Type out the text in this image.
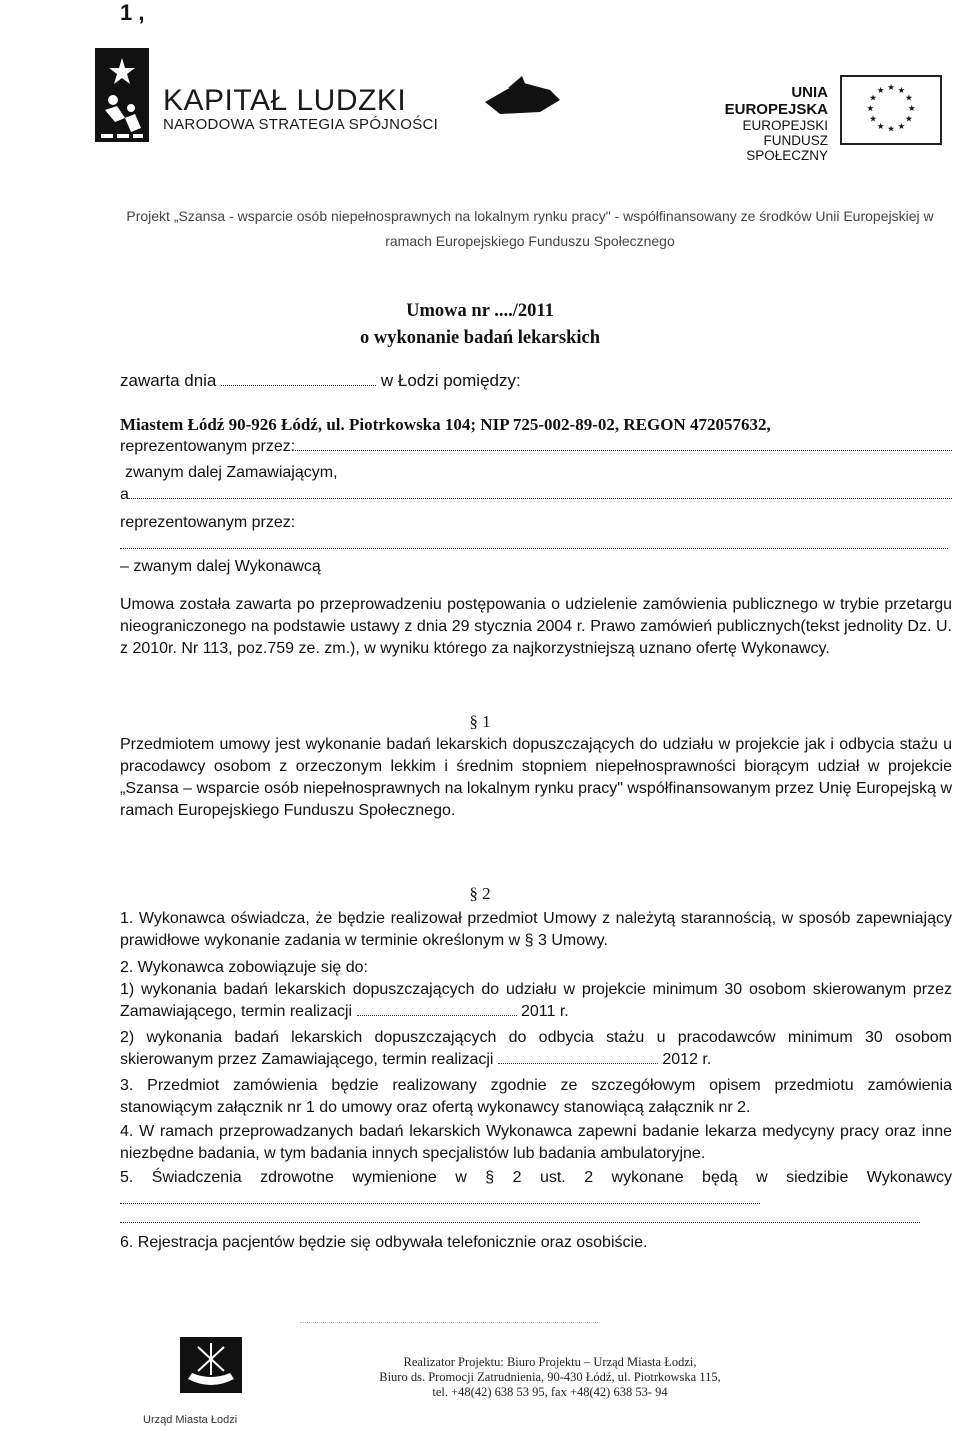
1 ,
KAPITAŁ LUDZKI
NARODOWA STRATEGIA SPÓJNOŚCI
UNIA EUROPEJSKA
EUROPEJSKI
FUNDUSZ SPOŁECZNY
★ ★
★
★
★
★
★
★
★
★
★
★
Projekt „Szansa - wsparcie osób niepełnosprawnych na lokalnym rynku pracy" - współfinansowany ze środków Unii Europejskiej w ramach Europejskiego Funduszu Społecznego
Umowa nr ..../2011
o wykonanie badań lekarskich
zawarta dnia	w Łodzi pomiędzy:
Miastem Łódź 90-926 Łódź, ul. Piotrkowska 104; NIP 725-002-89-02, REGON 472057632,
reprezentowanym przez:
zwanym dalej Zamawiającym,
a
reprezentowanym przez:
– zwanym dalej Wykonawcą
Umowa została zawarta po przeprowadzeniu postępowania o udzielenie zamówienia publicznego w trybie przetargu nieograniczonego na podstawie ustawy z dnia 29 stycznia 2004 r. Prawo zamówień publicznych(tekst jednolity Dz. U. z 2010r. Nr 113, poz.759 ze. zm.), w wyniku którego za najkorzystniejszą uznano ofertę Wykonawcy.
§ 1
Przedmiotem umowy jest wykonanie badań lekarskich dopuszczających do udziału w projekcie jak i odbycia stażu u pracodawcy osobom z orzeczonym lekkim i średnim stopniem niepełnosprawności biorącym udział w projekcie „Szansa – wsparcie osób niepełnosprawnych na lokalnym rynku pracy" współfinansowanym przez Unię Europejską w ramach Europejskiego Funduszu Społecznego.
§ 2
1. Wykonawca oświadcza, że będzie realizował przedmiot Umowy z należytą starannością, w sposób zapewniający prawidłowe wykonanie zadania w terminie określonym w § 3 Umowy.
2. Wykonawca zobowiązuje się do:
1) wykonania badań lekarskich dopuszczających do udziału w projekcie minimum 30 osobom skierowanym przez Zamawiającego, termin realizacji	2011 r.
2) wykonania badań lekarskich dopuszczających do odbycia stażu u pracodawców minimum 30 osobom skierowanym przez Zamawiającego, termin realizacji	2012 r.
3. Przedmiot zamówienia będzie realizowany zgodnie ze szczegółowym opisem przedmiotu zamówienia stanowiącym załącznik nr 1 do umowy oraz ofertą wykonawcy stanowiącą załącznik nr 2.
4. W ramach przeprowadzanych badań lekarskich Wykonawca zapewni badanie lekarza medycyny pracy oraz inne niezbędne badania, w tym badania innych specjalistów lub badania ambulatoryjne.
5. Świadczenia zdrowotne wymienione w § 2 ust. 2 wykonane będą w siedzibie Wykonawcy
6. Rejestracja pacjentów będzie się odbywała telefonicznie oraz osobiście.
Urząd Miasta Łodzi
Realizator Projektu: Biuro Projektu – Urząd Miasta Łodzi,
Biuro ds. Promocji Zatrudnienia, 90-430 Łódź, ul. Piotrkowska 115,
tel. +48(42) 638 53 95, fax +48(42) 638 53- 94
